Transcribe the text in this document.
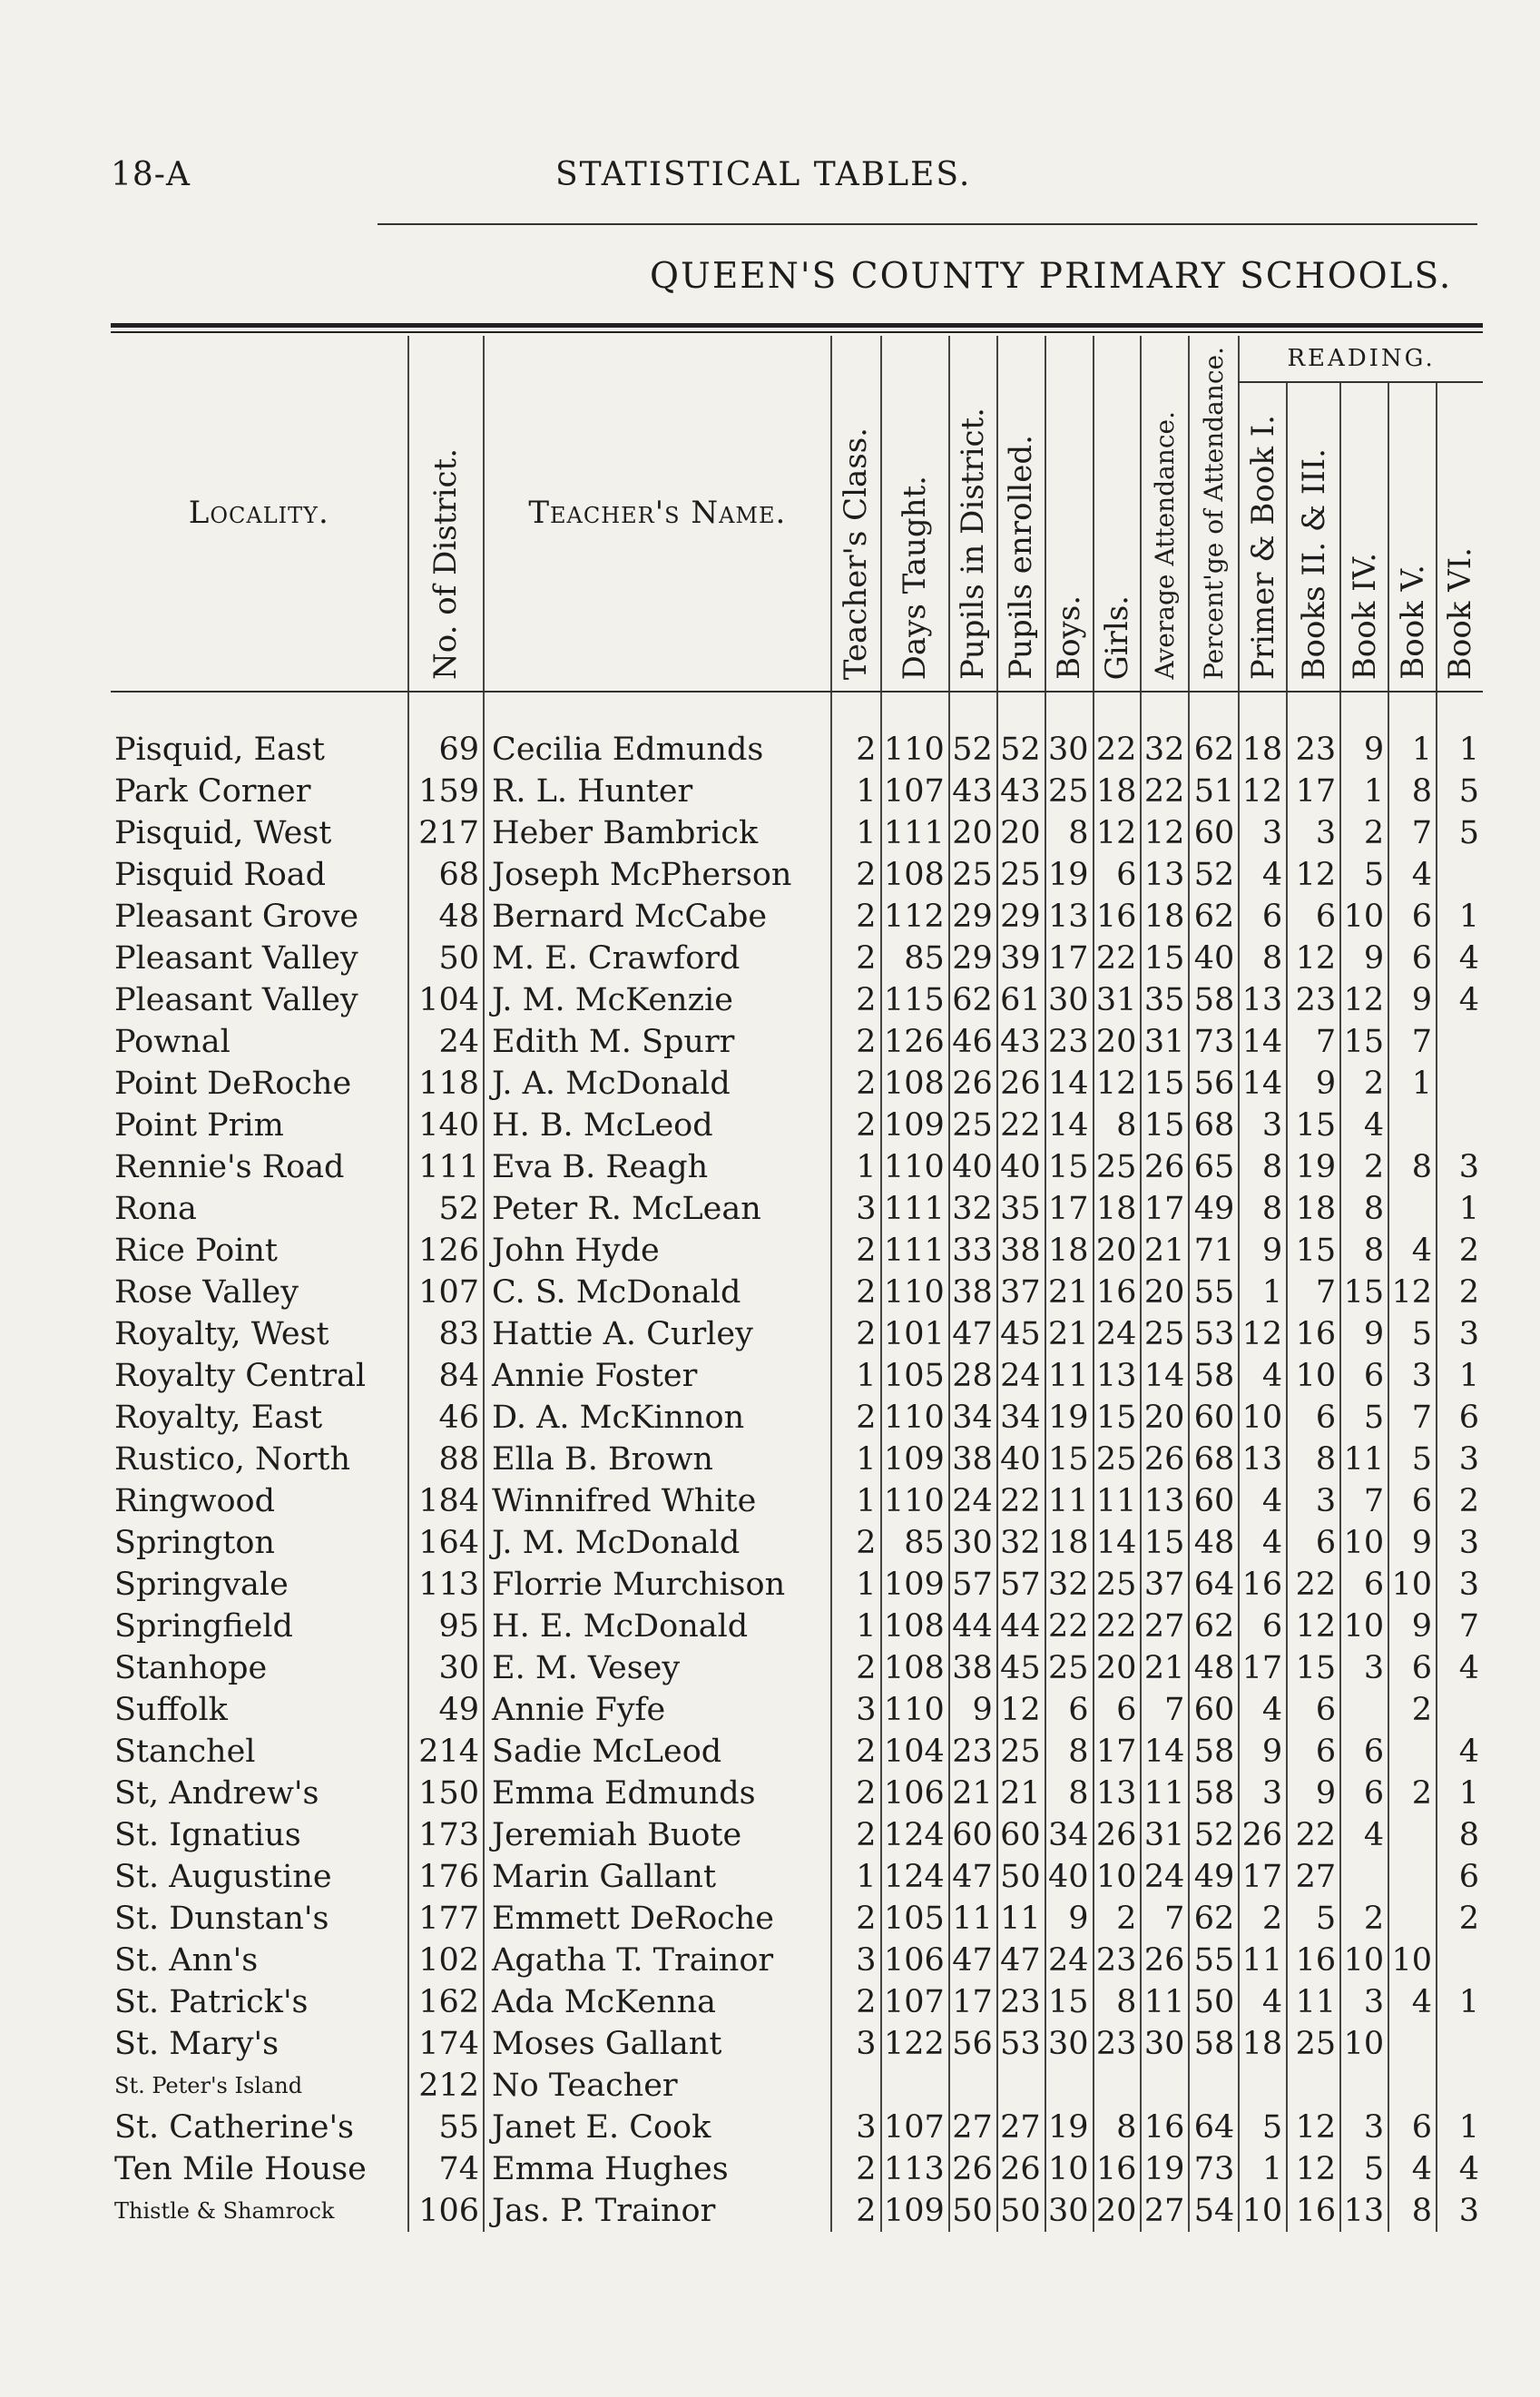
18-A	STATISTICAL TABLES.
QUEEN'S COUNTY PRIMARY SCHOOLS.
Locality.	No. of District.	Teacher's Name.	Teacher's Class.	Days Taught.	Pupils in District.	Pupils enrolled.	Boys.	Girls.	Average Attendance.	Percent'ge of Attendance.	READING.				
											Primer & Book I.	Books II. & III.	Book IV.	Book V.	Book VI.

Pisquid, East	69	Cecilia Edmunds	2	110	52	52	30	22	32	62	18	23	9	1	1
Park Corner	159	R. L. Hunter	1	107	43	43	25	18	22	51	12	17	1	8	5
Pisquid, West	217	Heber Bambrick	1	111	20	20	8	12	12	60	3	3	2	7	5
Pisquid Road	68	Joseph McPherson	2	108	25	25	19	6	13	52	4	12	5	4	
Pleasant Grove	48	Bernard McCabe	2	112	29	29	13	16	18	62	6	6	10	6	1
Pleasant Valley	50	M. E. Crawford	2	85	29	39	17	22	15	40	8	12	9	6	4
Pleasant Valley	104	J. M. McKenzie	2	115	62	61	30	31	35	58	13	23	12	9	4
Pownal	24	Edith M. Spurr	2	126	46	43	23	20	31	73	14	7	15	7	
Point DeRoche	118	J. A. McDonald	2	108	26	26	14	12	15	56	14	9	2	1	
Point Prim	140	H. B. McLeod	2	109	25	22	14	8	15	68	3	15	4		
Rennie's Road	111	Eva B. Reagh	1	110	40	40	15	25	26	65	8	19	2	8	3
Rona	52	Peter R. McLean	3	111	32	35	17	18	17	49	8	18	8		1
Rice Point	126	John Hyde	2	111	33	38	18	20	21	71	9	15	8	4	2
Rose Valley	107	C. S. McDonald	2	110	38	37	21	16	20	55	1	7	15	12	2
Royalty, West	83	Hattie A. Curley	2	101	47	45	21	24	25	53	12	16	9	5	3
Royalty Central	84	Annie Foster	1	105	28	24	11	13	14	58	4	10	6	3	1
Royalty, East	46	D. A. McKinnon	2	110	34	34	19	15	20	60	10	6	5	7	6
Rustico, North	88	Ella B. Brown	1	109	38	40	15	25	26	68	13	8	11	5	3
Ringwood	184	Winnifred White	1	110	24	22	11	11	13	60	4	3	7	6	2
Springton	164	J. M. McDonald	2	85	30	32	18	14	15	48	4	6	10	9	3
Springvale	113	Florrie Murchison	1	109	57	57	32	25	37	64	16	22	6	10	3
Springfield	95	H. E. McDonald	1	108	44	44	22	22	27	62	6	12	10	9	7
Stanhope	30	E. M. Vesey	2	108	38	45	25	20	21	48	17	15	3	6	4
Suffolk	49	Annie Fyfe	3	110	9	12	6	6	7	60	4	6		2	
Stanchel	214	Sadie McLeod	2	104	23	25	8	17	14	58	9	6	6		4
St, Andrew's	150	Emma Edmunds	2	106	21	21	8	13	11	58	3	9	6	2	1
St. Ignatius	173	Jeremiah Buote	2	124	60	60	34	26	31	52	26	22	4		8
St. Augustine	176	Marin Gallant	1	124	47	50	40	10	24	49	17	27			6
St. Dunstan's	177	Emmett DeRoche	2	105	11	11	9	2	7	62	2	5	2		2
St. Ann's	102	Agatha T. Trainor	3	106	47	47	24	23	26	55	11	16	10	10	
St. Patrick's	162	Ada McKenna	2	107	17	23	15	8	11	50	4	11	3	4	1
St. Mary's	174	Moses Gallant	3	122	56	53	30	23	30	58	18	25	10		
St. Peter's Island	212	No Teacher													
St. Catherine's	55	Janet E. Cook	3	107	27	27	19	8	16	64	5	12	3	6	1
Ten Mile House	74	Emma Hughes	2	113	26	26	10	16	19	73	1	12	5	4	4
Thistle & Shamrock	106	Jas. P. Trainor	2	109	50	50	30	20	27	54	10	16	13	8	3
